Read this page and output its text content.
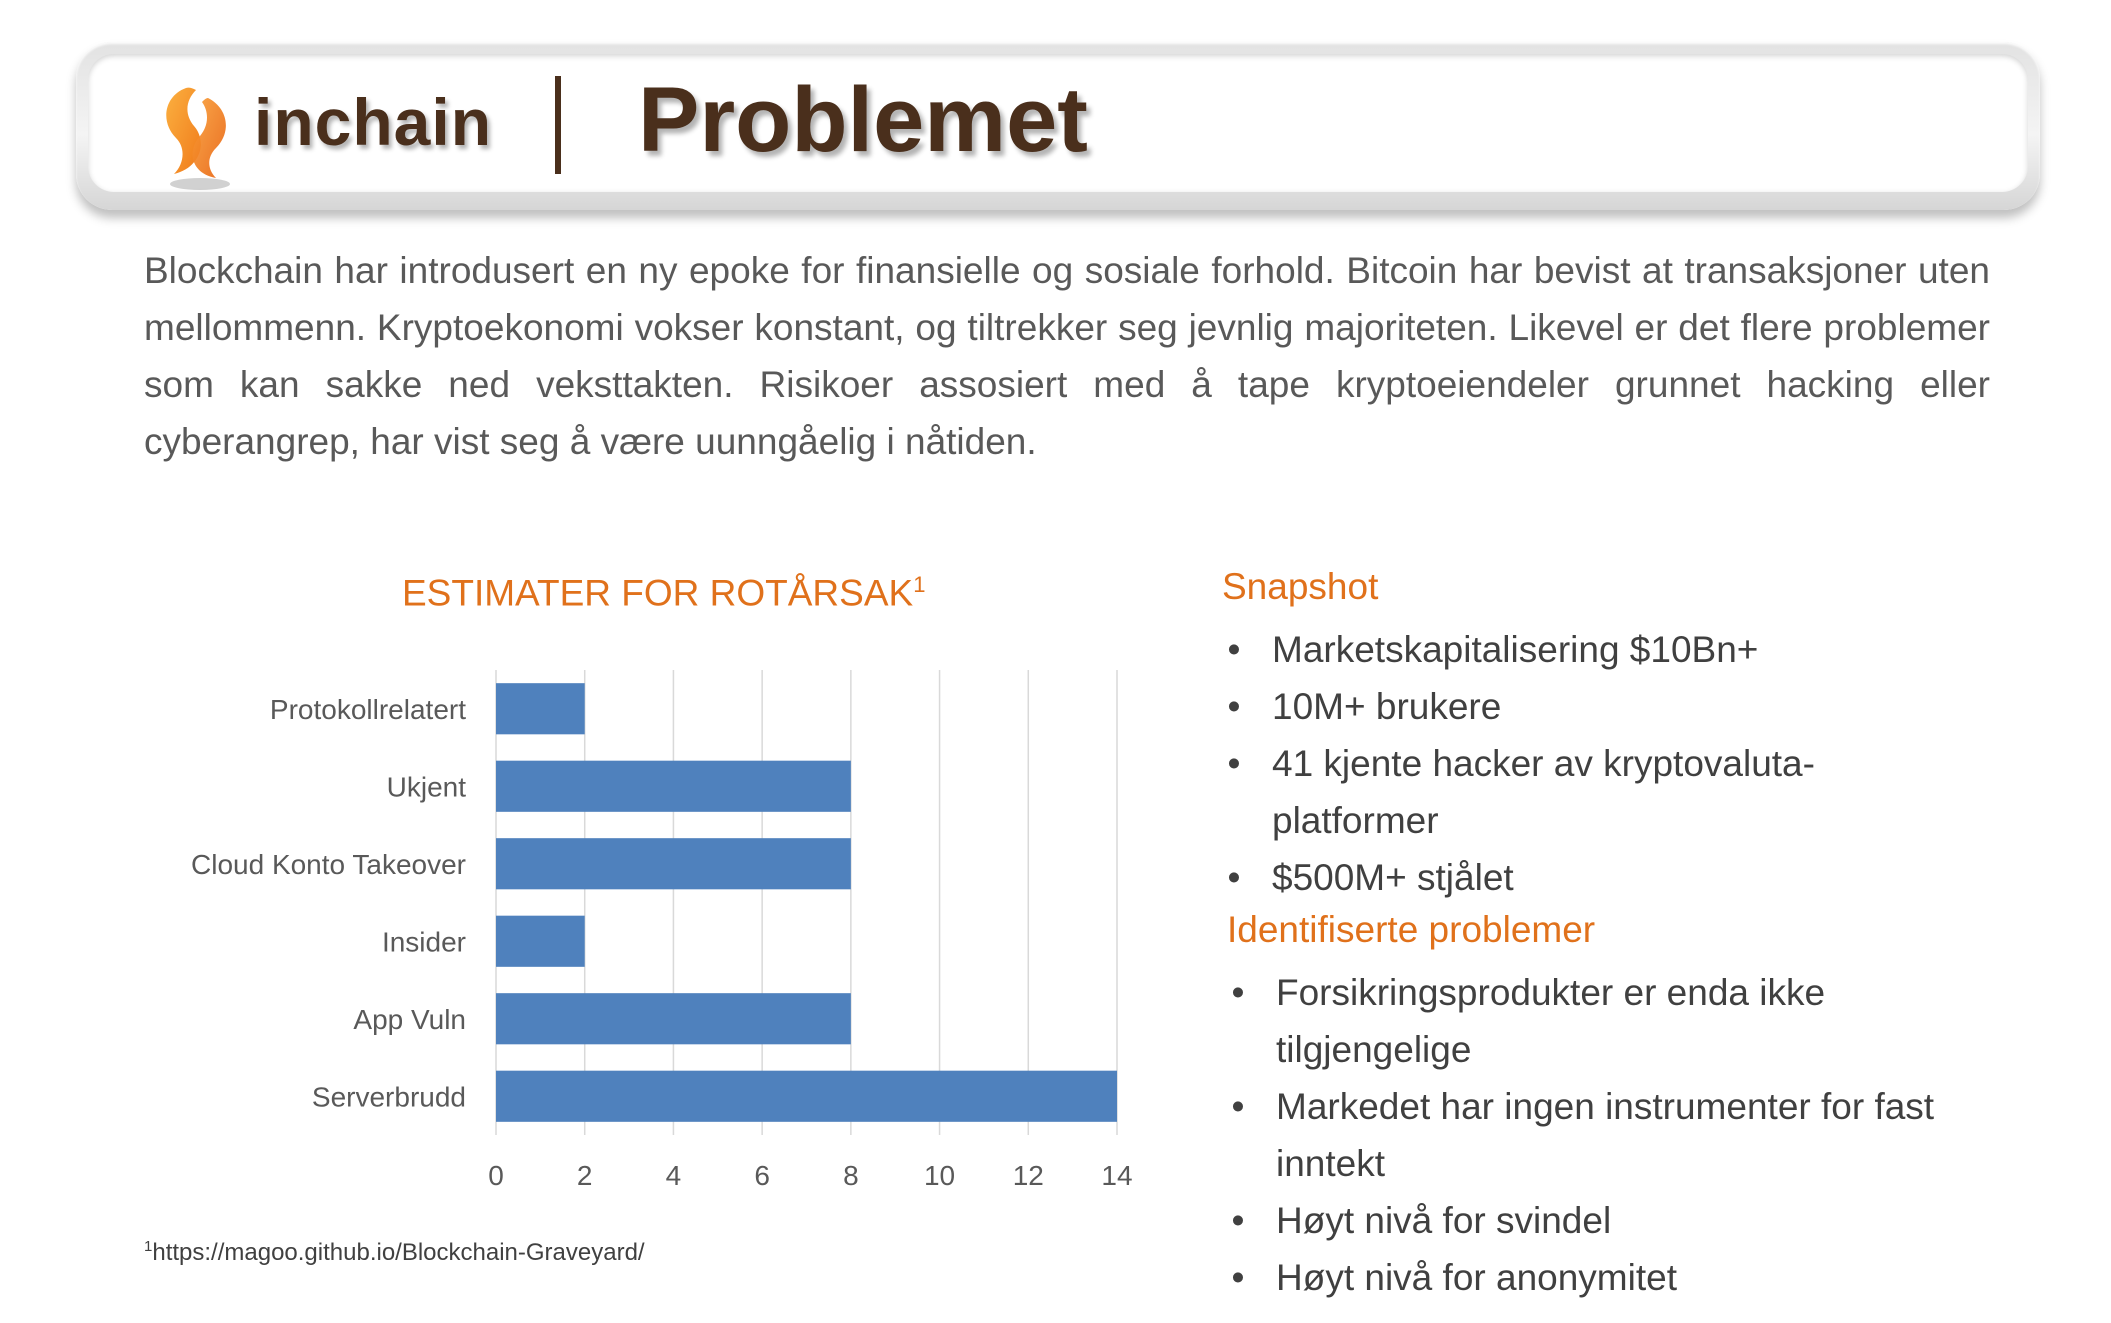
inchain Problemet
Blockchain har introdusert en ny epoke for finansielle og sosiale forhold. Bitcoin har bevist at transaksjoner uten mellommenn. Kryptoekonomi vokser konstant, og tiltrekker seg jevnlig majoriteten. Likevel er det flere problemer som kan sakke ned veksttakten. Risikoer assosiert med å tape kryptoeiendeler grunnet hacking eller cyberangrep, har vist seg å være uunngåelig i nåtiden.
ESTIMATER FOR ROTÅRSAK$^1$
0	2	4	6	8 10 12 14
Protokollrelatert
Ukjent
Cloud Konto Takeover
Insider
App Vuln
Serverbrudd
$^1$https://magoo.github.io/Blockchain-Graveyard/
Snapshot
• Marketskapitalisering $10Bn+
• 10M+ brukere
• 41 kjente hacker av kryptovaluta-
platformer
• $500M+ stjålet
Identifiserte problemer
• Forsikringsprodukter er enda ikke
tilgjengelige
• Markedet har ingen instrumenter for fast
inntekt
• Høyt nivå for svindel
• Høyt nivå for anonymitet
